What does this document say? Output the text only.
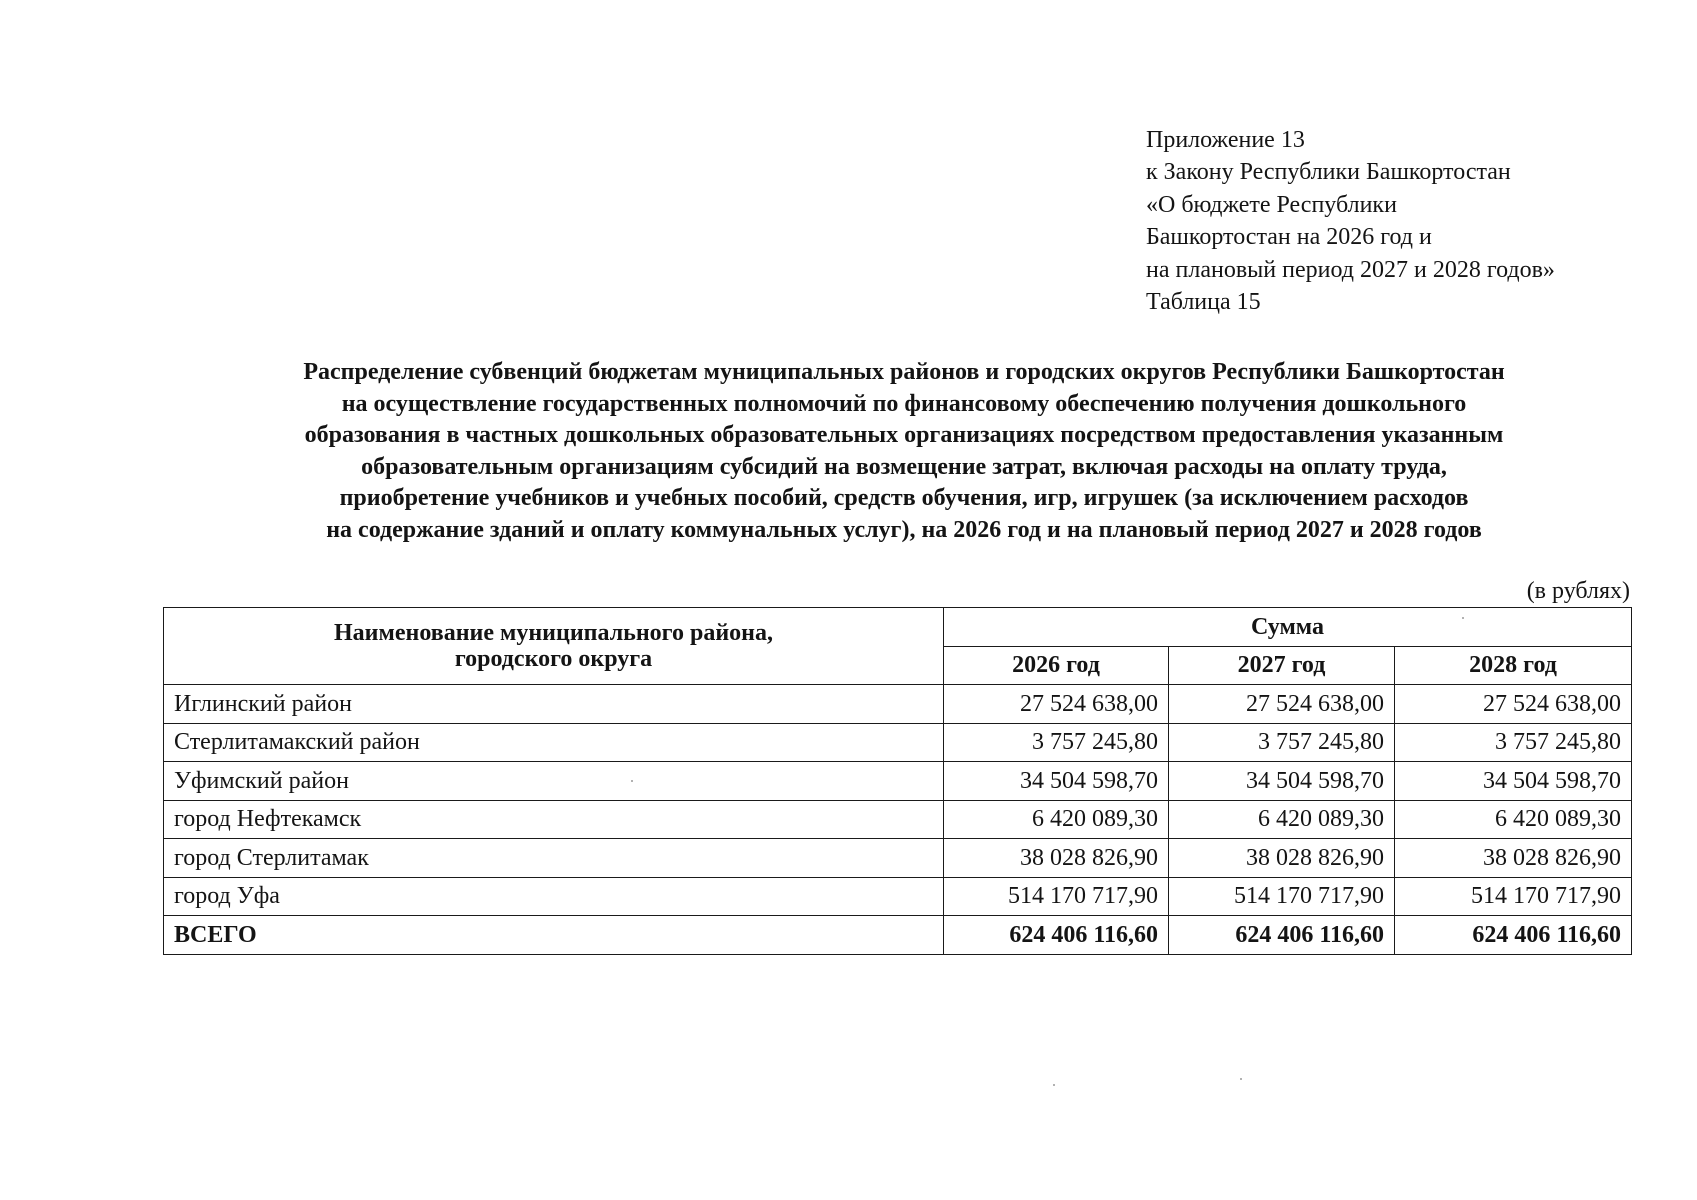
Приложение 13
к Закону Республики Башкортостан
«О бюджете Республики
Башкортостан на 2026 год и
на плановый период 2027 и 2028 годов»
Таблица 15
Распределение субвенций бюджетам муниципальных районов и городских округов Республики Башкортостан
на осуществление государственных полномочий по финансовому обеспечению получения дошкольного
образования в частных дошкольных образовательных организациях посредством предоставления указанным
образовательным организациям субсидий на возмещение затрат, включая расходы на оплату труда,
приобретение учебников и учебных пособий, средств обучения, игр, игрушек (за исключением расходов
на содержание зданий и оплату коммунальных услуг), на 2026 год и на плановый период 2027 и 2028 годов
(в рублях)
Наименование муниципального района,
городского округа	Сумма		
	2026 год	2027 год	2028 год
Иглинский район	27 524 638,00	27 524 638,00	27 524 638,00
Стерлитамакский район	3 757 245,80	3 757 245,80	3 757 245,80
Уфимский район	34 504 598,70	34 504 598,70	34 504 598,70
город Нефтекамск	6 420 089,30	6 420 089,30	6 420 089,30
город Стерлитамак	38 028 826,90	38 028 826,90	38 028 826,90
город Уфа	514 170 717,90	514 170 717,90	514 170 717,90
ВСЕГО	624 406 116,60	624 406 116,60	624 406 116,60
